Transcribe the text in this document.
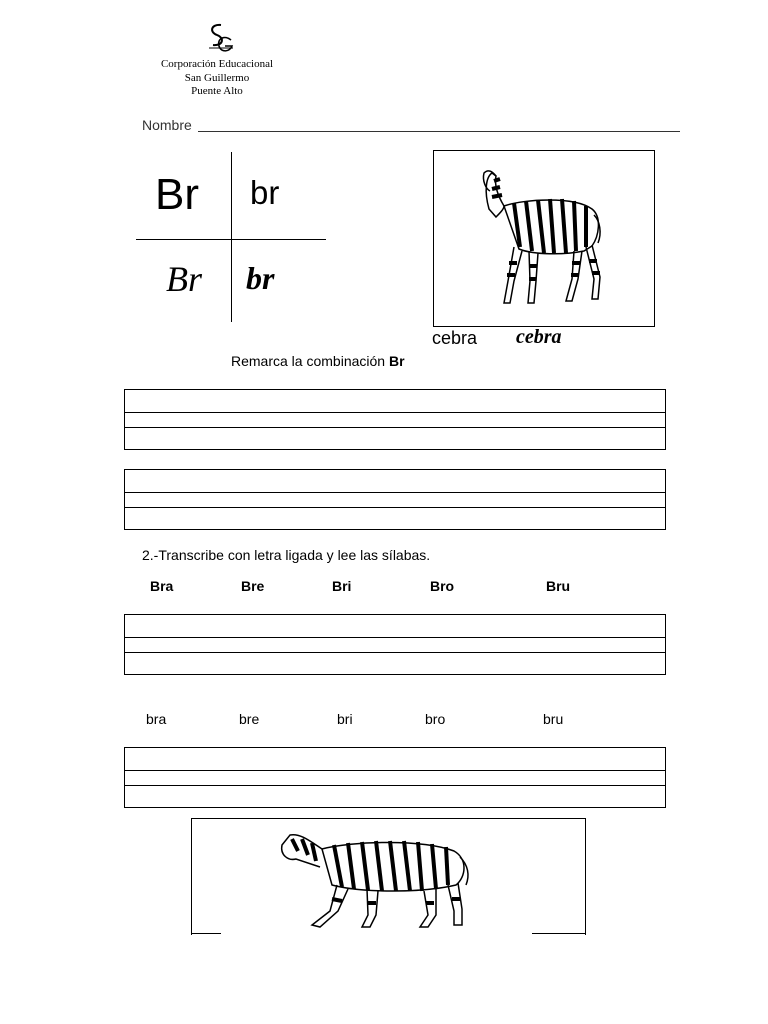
Corporación Educacional
San Guillermo
Puente Alto
Nombre
Br br
Br br
cebra cebra
Remarca la combinación Br
2.-Transcribe con letra ligada y lee las sílabas.
Bra	Bre	Bri	Bro	Bru
bra	bre	bri	bro	bru
